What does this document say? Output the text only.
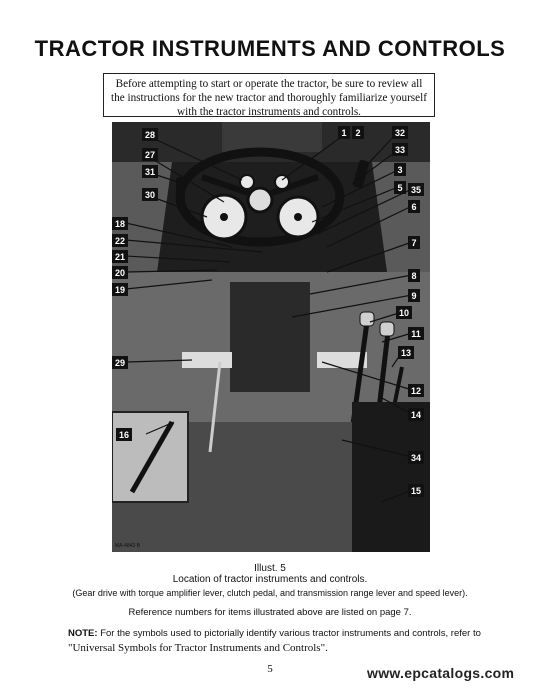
TRACTOR INSTRUMENTS AND CONTROLS
Before attempting to start or operate the tractor, be sure to review all the instructions for the new tractor and thoroughly familiarize yourself with the tractor instruments and controls.
28
27
31
30
18
22
21
20
19
29
16
1 2	32
33
3
5 35
6
7
8
9
10
11
13
12
14
34
15
MA-4843 B
Illust. 5
Location of tractor instruments and controls.
(Gear drive with torque amplifier lever, clutch pedal, and transmission range lever and speed lever).
Reference numbers for items illustrated above are listed on page 7.
NOTE: For the symbols used to pictorially identify various tractor instruments and controls, refer to
"Universal Symbols for Tractor Instruments and Controls".
5	www.epcatalogs.com
